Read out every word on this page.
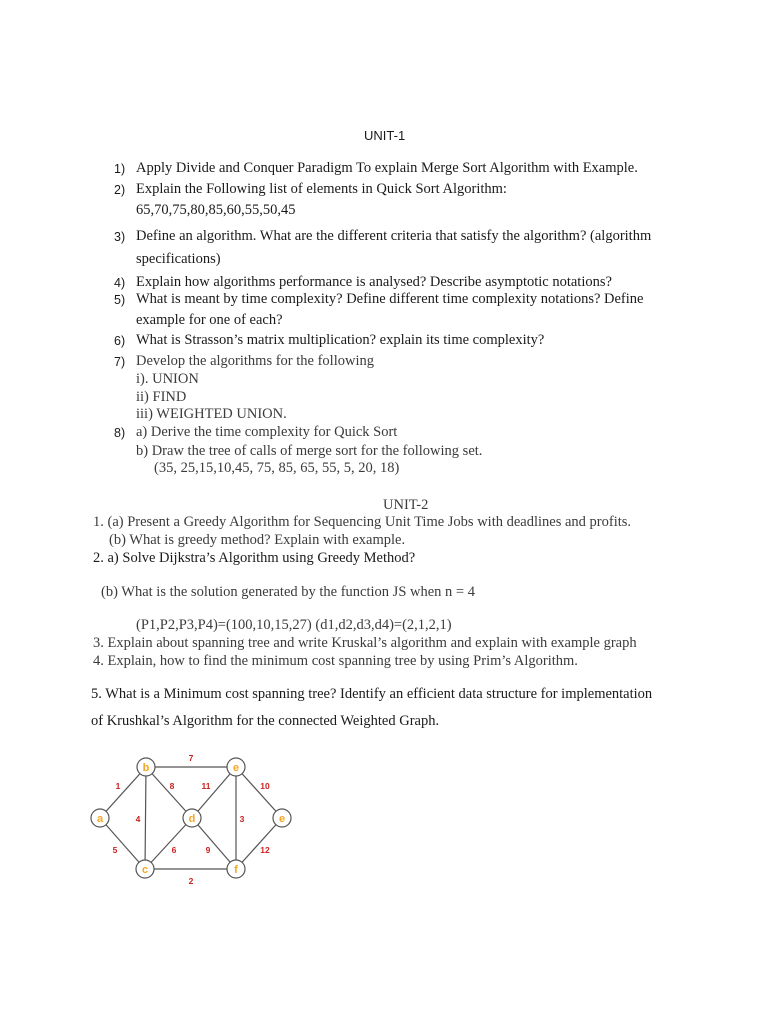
UNIT-1
1) Apply Divide and Conquer Paradigm To explain Merge Sort Algorithm with Example.
2) Explain the Following list of elements in Quick Sort Algorithm:
65,70,75,80,85,60,55,50,45
3) Define an algorithm. What are the different criteria that satisfy the algorithm? (algorithm
specifications)
4) Explain how algorithms performance is analysed? Describe asymptotic notations?
5) What is meant by time complexity? Define different time complexity notations? Define
example for one of each?
6) What is Strasson’s matrix multiplication? explain its time complexity?
7) Develop the algorithms for the following
i). UNION
ii) FIND
iii) WEIGHTED UNION.
8) a) Derive the time complexity for Quick Sort
b) Draw the tree of calls of merge sort for the following set.
(35, 25,15,10,45, 75, 85, 65, 55, 5, 20, 18)
UNIT-2
1. (a) Present a Greedy Algorithm for Sequencing Unit Time Jobs with deadlines and profits.
(b) What is greedy method? Explain with example.
2. a) Solve Dijkstra’s Algorithm using Greedy Method?
(b) What is the solution generated by the function JS when n = 4
(P1,P2,P3,P4)=(100,10,15,27) (d1,d2,d3,d4)=(2,1,2,1)
3. Explain about spanning tree and write Kruskal’s algorithm and explain with example graph
4. Explain, how to find the minimum cost spanning tree by using Prim’s Algorithm.
5. What is a Minimum cost spanning tree? Identify an efficient data structure for implementation
of Krushkal’s Algorithm for the connected Weighted Graph.
7
1	8	11	10
4	3
5	6	9	12
2
a
b
c
d
e
f
e
